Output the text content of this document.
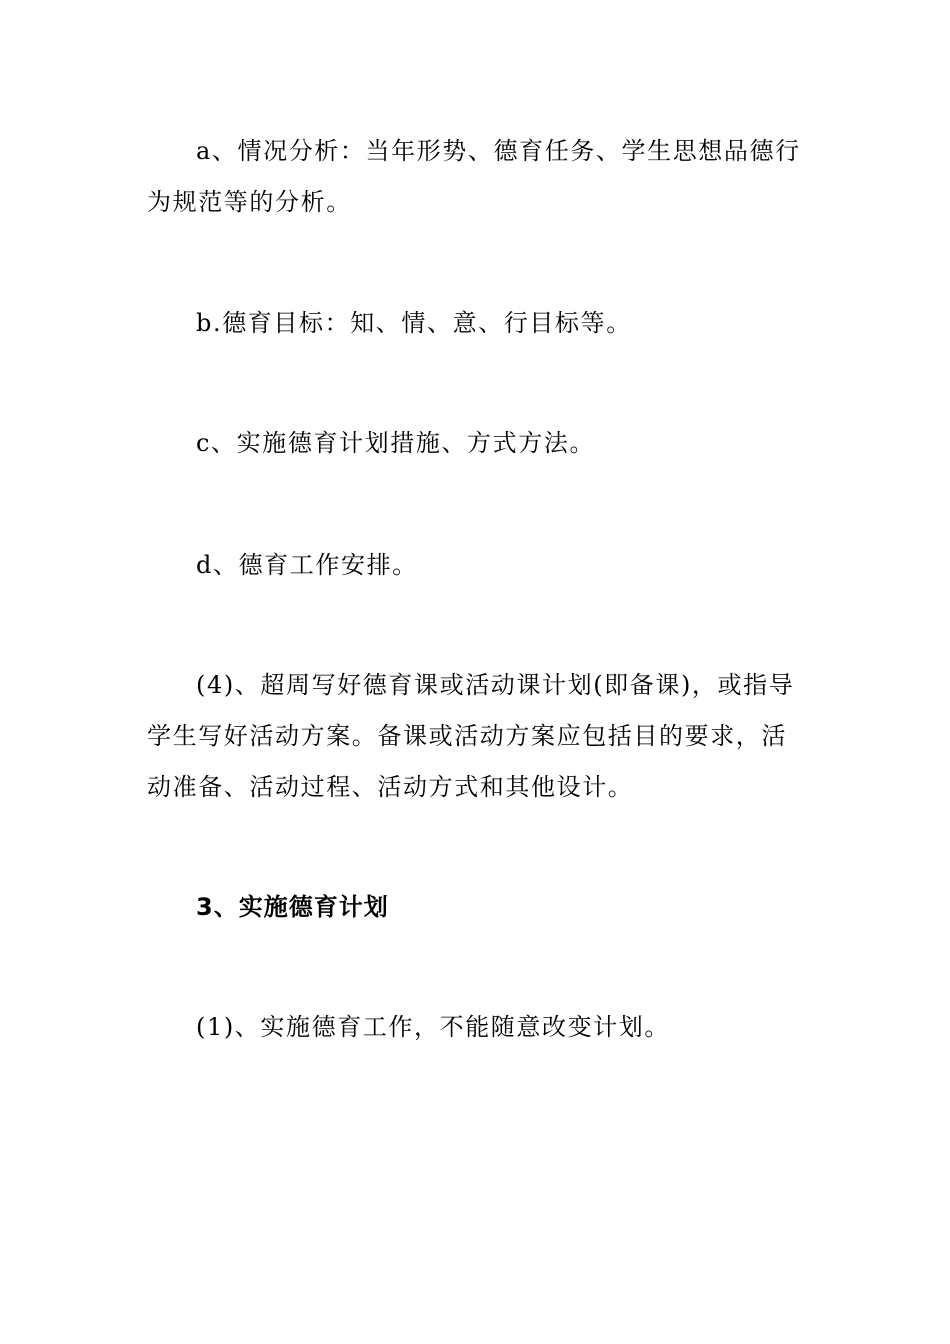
a、情况分析：当年形势、德育任务、学生思想品德行为规范等的分析。

b.德育目标：知、情、意、行目标等。

c、实施德育计划措施、方式方法。

d、德育工作安排。

(4)、超周写好德育课或活动课计划(即备课)，或指导学生写好活动方案。备课或活动方案应包括目的要求，活动准备、活动过程、活动方式和其他设计。

3、实施德育计划

(1)、实施德育工作，不能随意改变计划。
